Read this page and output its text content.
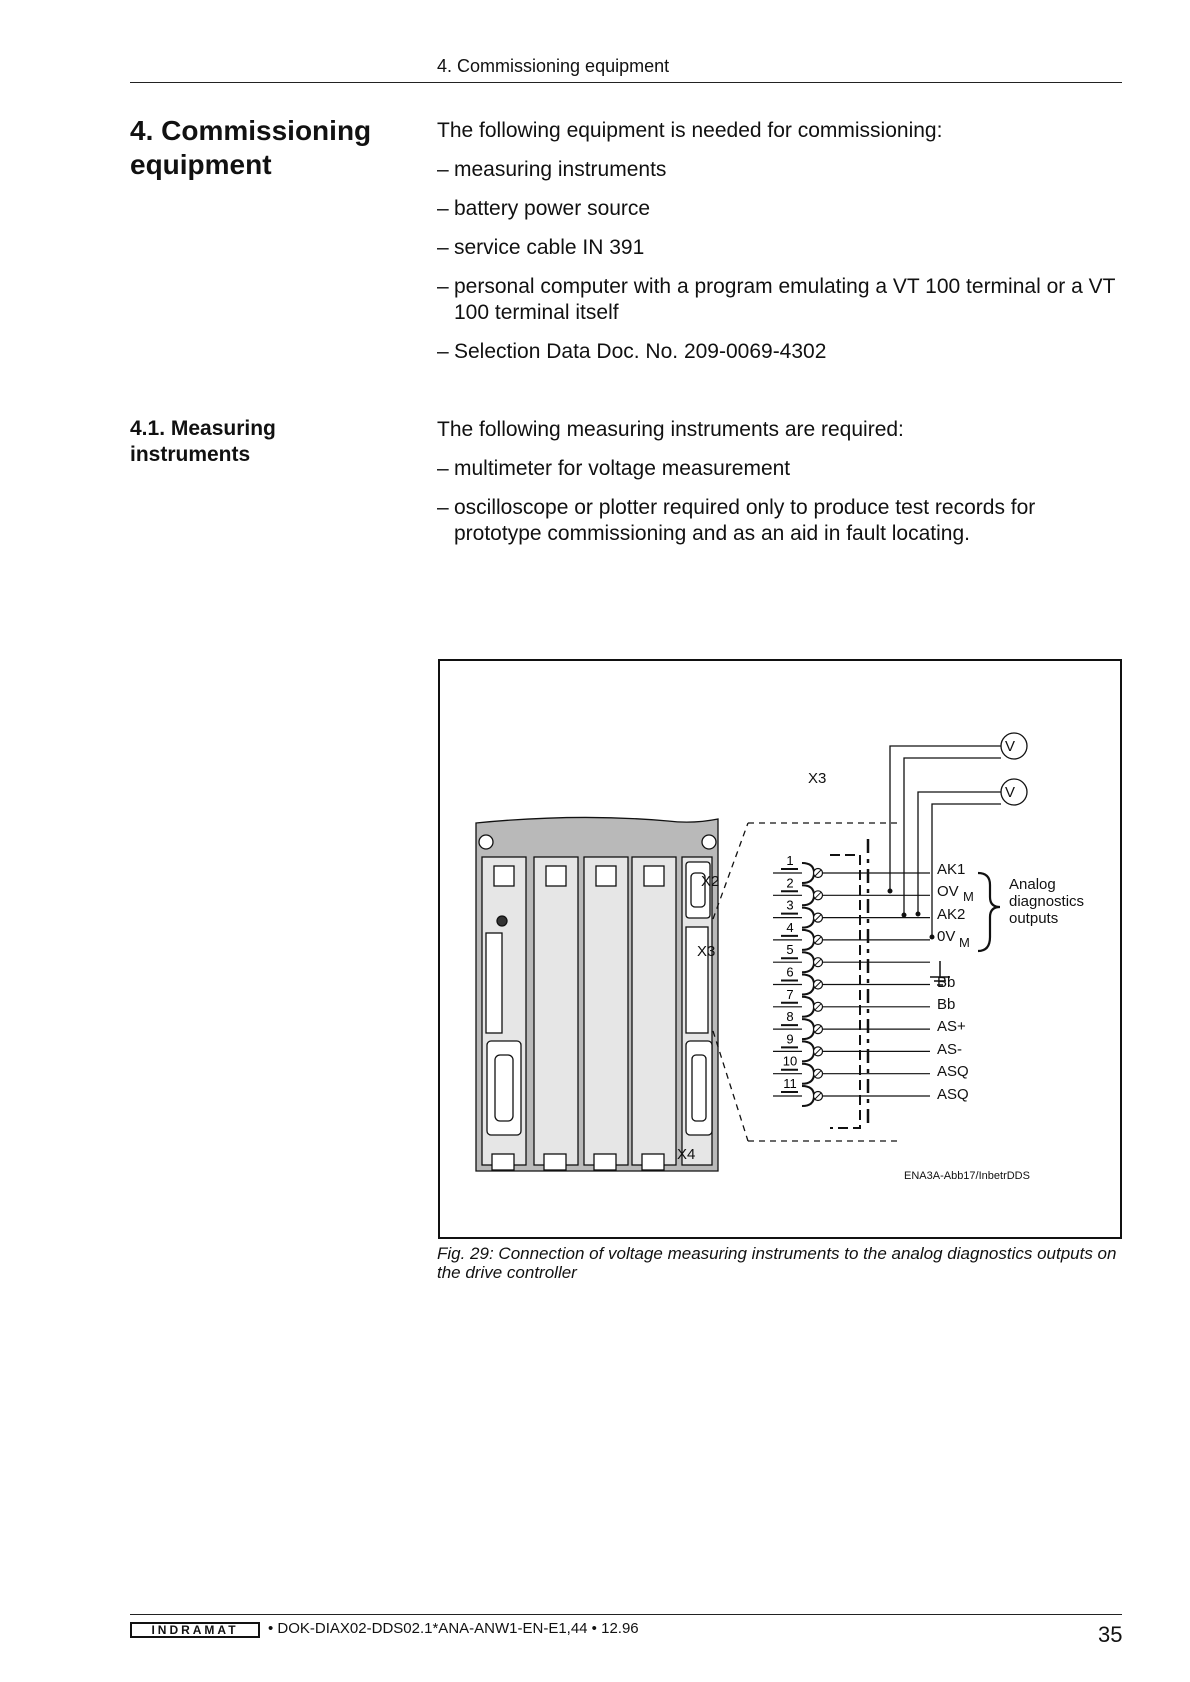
4. Commissioning equipment
4. Commissioning equipment

The following equipment is needed for commissioning:

– measuring instruments
– battery power source
– service cable IN 391
– personal computer with a program emulating a VT 100 terminal or a VT 100 terminal itself
– Selection Data Doc. No. 209-0069-4302
4.1. Measuring instruments

The following measuring instruments are required:

– multimeter for voltage measurement
– oscilloscope or plotter required only to produce test records for prototype commissioning and as an aid in fault locating.
1
2
3
4
5
6
7
8
9
10
11
V
V
X3
X2
X3
X4
AK1
OV M
AK2
0V M
Bb
Bb
AS+
AS-
ASQ
ASQ
Analog
diagnostics
outputs
ENA3A-Abb17/InbetrDDS
Fig. 29: Connection of voltage measuring instruments to the analog diagnostics outputs on the drive controller
INDRAMAT	• DOK-DIAX02-DDS02.1*ANA-ANW1-EN-E1,44 • 12.96	35
